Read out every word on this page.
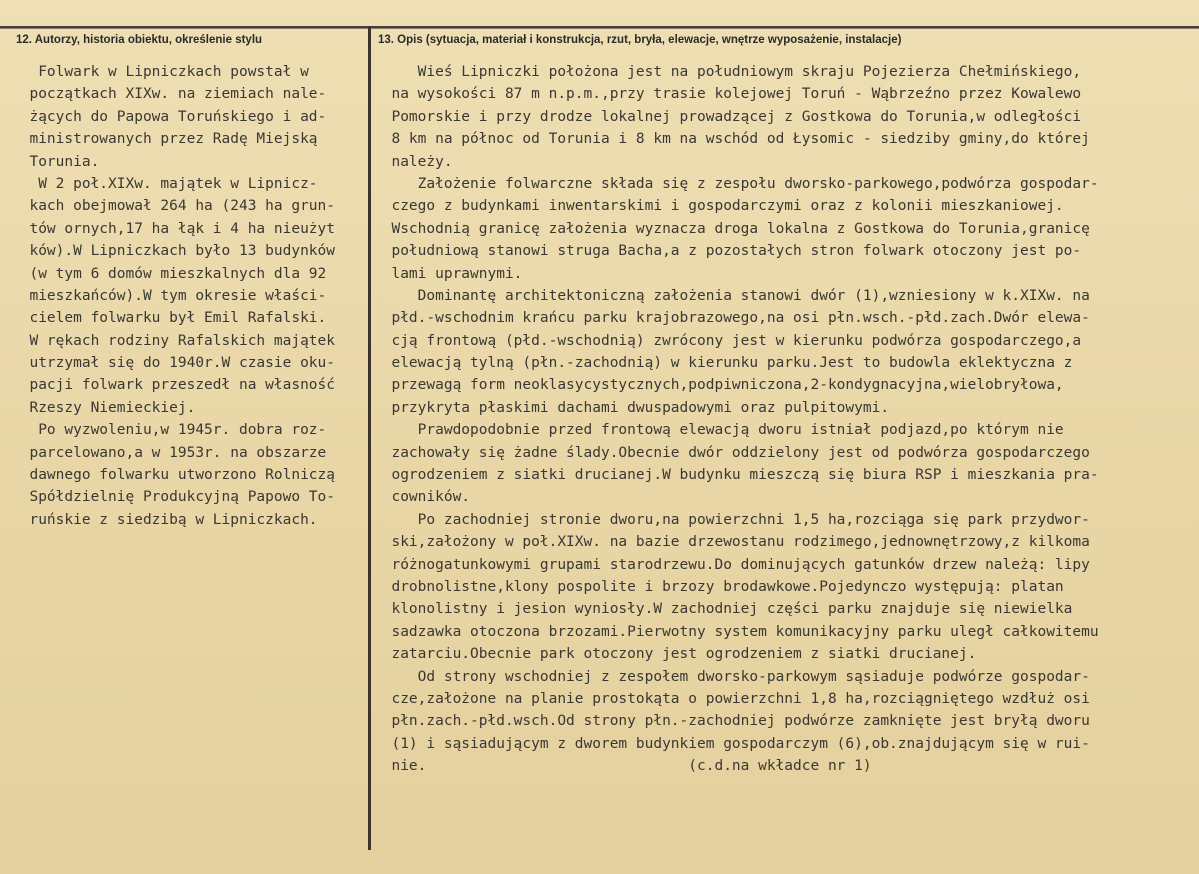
12. Autorzy, historia obiektu, określenie stylu	13. Opis (sytuacja, materiał i konstrukcja, rzut, bryła, elewacje, wnętrze wyposażenie, instalacje)
Folwark w Lipniczkach powstał w
początkach XIXw. na ziemiach nale-
żących do Papowa Toruńskiego i ad-
ministrowanych przez Radę Miejską
Torunia.
W 2 poł.XIXw. majątek w Lipnicz-
kach obejmował 264 ha (243 ha grun-
tów ornych,17 ha łąk i 4 ha nieużyt
ków).W Lipniczkach było 13 budynków
(w tym 6 domów mieszkalnych dla 92
mieszkańców).W tym okresie właści-
cielem folwarku był Emil Rafalski.
W rękach rodziny Rafalskich majątek
utrzymał się do 1940r.W czasie oku-
pacji folwark przeszedł na własność
Rzeszy Niemieckiej.
Po wyzwoleniu,w 1945r. dobra roz-
parcelowano,a w 1953r. na obszarze
dawnego folwarku utworzono Rolniczą
Spółdzielnię Produkcyjną Papowo To-
ruńskie z siedzibą w Lipniczkach.
Wieś Lipniczki położona jest na południowym skraju Pojezierza Chełmińskiego,
na wysokości 87 m n.p.m.,przy trasie kolejowej Toruń - Wąbrzeźno przez Kowalewo
Pomorskie i przy drodze lokalnej prowadzącej z Gostkowa do Torunia,w odległości
8 km na północ od Torunia i 8 km na wschód od Łysomic - siedziby gminy,do której
należy.
Założenie folwarczne składa się z zespołu dworsko-parkowego,podwórza gospodar-
czego z budynkami inwentarskimi i gospodarczymi oraz z kolonii mieszkaniowej.
Wschodnią granicę założenia wyznacza droga lokalna z Gostkowa do Torunia,granicę
południową stanowi struga Bacha,a z pozostałych stron folwark otoczony jest po-
lami uprawnymi.
Dominantę architektoniczną założenia stanowi dwór (1),wzniesiony w k.XIXw. na
płd.-wschodnim krańcu parku krajobrazowego,na osi płn.wsch.-płd.zach.Dwór elewa-
cją frontową (płd.-wschodnią) zwrócony jest w kierunku podwórza gospodarczego,a
elewacją tylną (płn.-zachodnią) w kierunku parku.Jest to budowla eklektyczna z
przewagą form neoklasycystycznych,podpiwniczona,2-kondygnacyjna,wielobryłowa,
przykryta płaskimi dachami dwuspadowymi oraz pulpitowymi.
Prawdopodobnie przed frontową elewacją dworu istniał podjazd,po którym nie
zachowały się żadne ślady.Obecnie dwór oddzielony jest od podwórza gospodarczego
ogrodzeniem z siatki drucianej.W budynku mieszczą się biura RSP i mieszkania pra-
cowników.
Po zachodniej stronie dworu,na powierzchni 1,5 ha,rozciąga się park przydwor-
ski,założony w poł.XIXw. na bazie drzewostanu rodzimego,jednownętrzowy,z kilkoma
różnogatunkowymi grupami starodrzewu.Do dominujących gatunków drzew należą: lipy
drobnolistne,klony pospolite i brzozy brodawkowe.Pojedynczo występują: platan
klonolistny i jesion wyniosły.W zachodniej części parku znajduje się niewielka
sadzawka otoczona brzozami.Pierwotny system komunikacyjny parku uległ całkowitemu
zatarciu.Obecnie park otoczony jest ogrodzeniem z siatki drucianej.
Od strony wschodniej z zespołem dworsko-parkowym sąsiaduje podwórze gospodar-
cze,założone na planie prostokąta o powierzchni 1,8 ha,rozciągniętego wzdłuż osi
płn.zach.-płd.wsch.Od strony płn.-zachodniej podwórze zamknięte jest bryłą dworu
(1) i sąsiadującym z dworem budynkiem gospodarczym (6),ob.znajdującym się w rui-
nie.                              (c.d.na wkładce nr 1)
